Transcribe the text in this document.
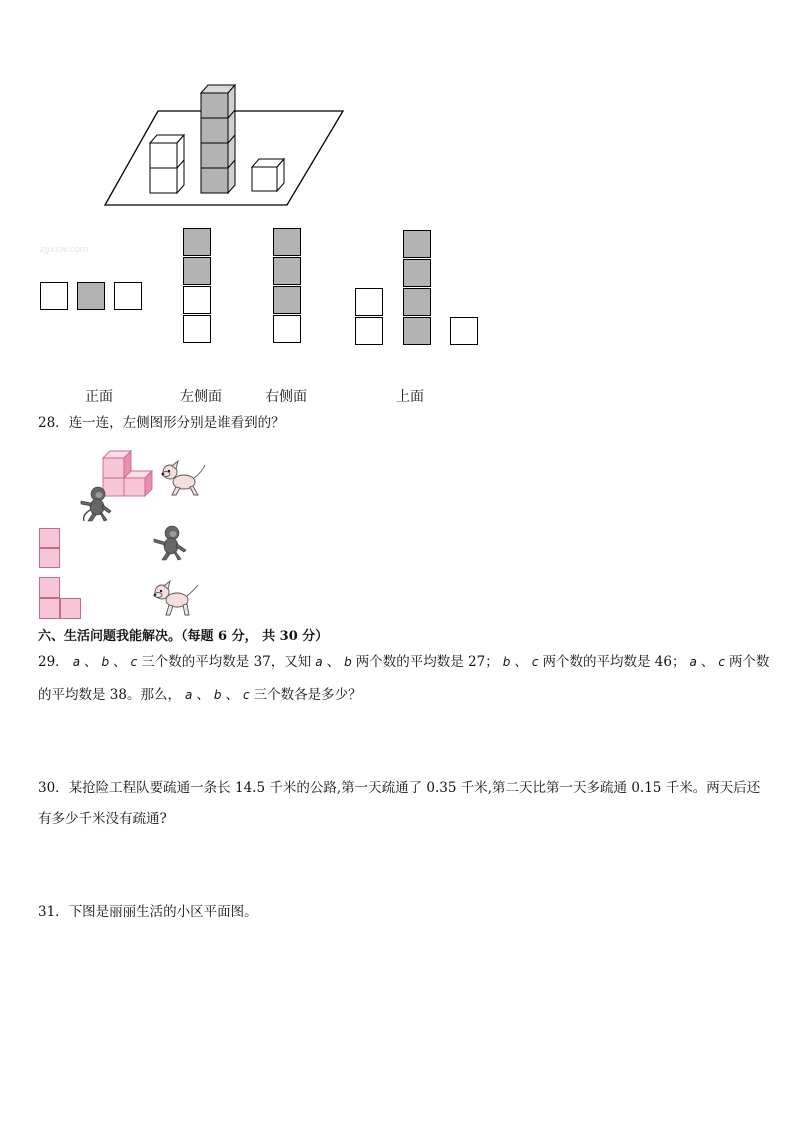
zjjxsw.com
正面	左侧面	右侧面	上面
28．连一连，左侧图形分别是谁看到的？
六、生活问题我能解决。（每题 6 分， 共 30 分）
29． a 、 b 、 c 三个数的平均数是 37，又知 a 、 b 两个数的平均数是 27； b 、 c 两个数的平均数是 46； a 、 c 两个数
的平均数是 38。那么， a 、 b 、 c 三个数各是多少？
30．某抢险工程队要疏通一条长 14.5 千米的公路,第一天疏通了 0.35 千米,第二天比第一天多疏通 0.15 千米。两天后还
有多少千米没有疏通?
31．下图是丽丽生活的小区平面图。
